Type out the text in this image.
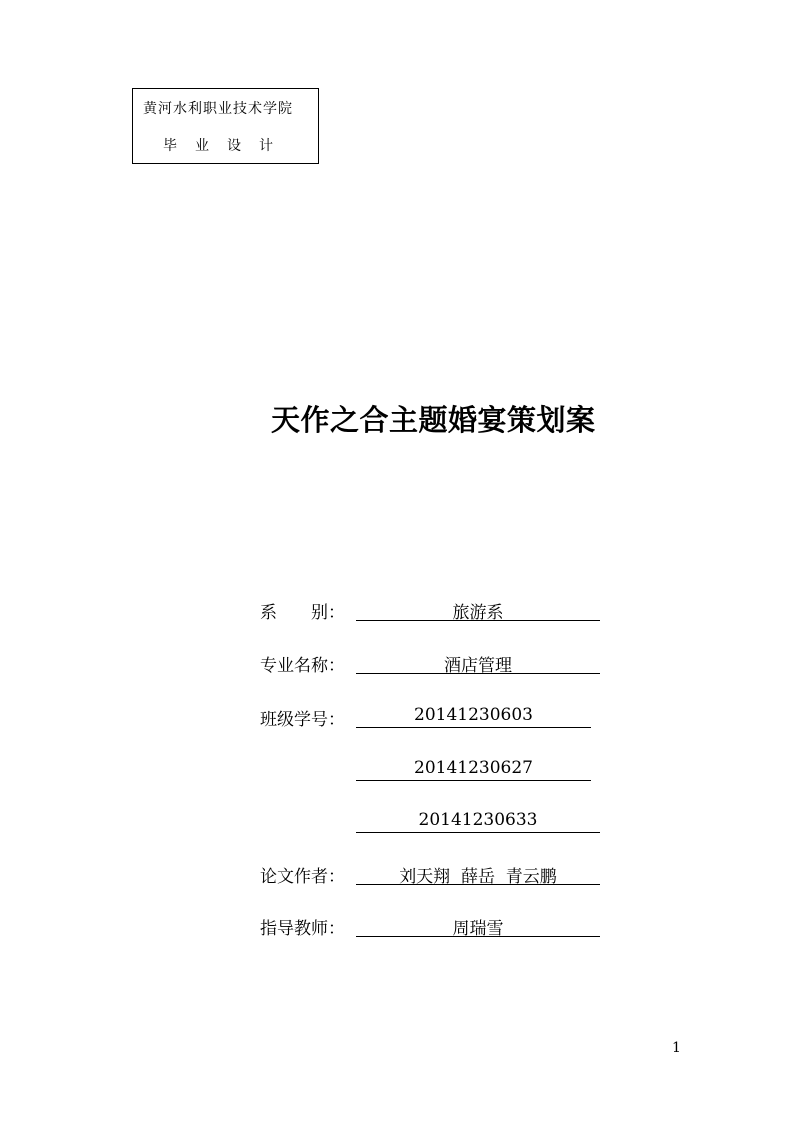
黄河水利职业技术学院
毕业设计
天作之合主题婚宴策划案
系　　别：	旅游系
专业名称：	酒店管理
班级学号：	20141230603
20141230627
20141230633
论文作者：	刘天翔  薛岳  青云鹏
指导教师：	周瑞雪
1
